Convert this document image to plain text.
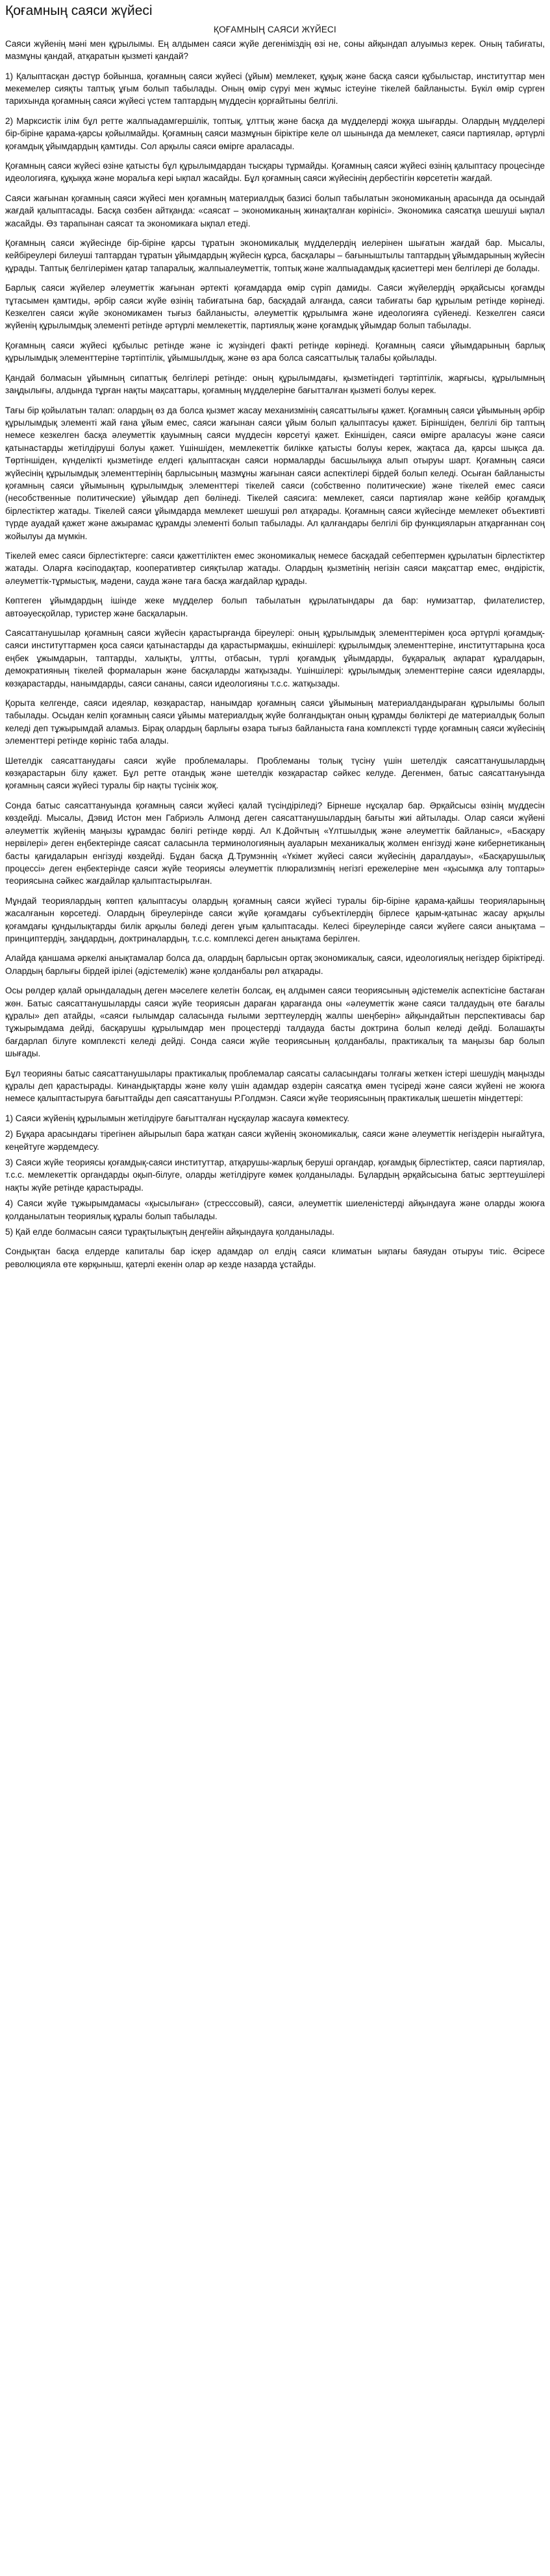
Қоғамның саяси жүйесі
ҚОҒАМНЫҢ САЯСИ ЖҮЙЕСІ

Саяси жүйенің мәні мен құрылымы. Ең алдымен саяси жүйе дегеніміздің өзі не, соны айқындап алуымыз керек. Оның табиғаты, мазмұны қандай, атқаратын қызметі қандай?

1) Қалыптасқан дәстүр бойынша, қоғамның саяси жүйесі (ұйым) мемлекет, құқық және басқа саяси құбылыстар, институттар мен мекемелер сияқты таптық ұғым болып табылады. Оның өмір сүруі мен жұмыс істеуіне тікелей байланысты. Бүкіл өмір сүрген тарихында қоғамның саяси жүйесі үстем таптардың мүддесін қорғайтыны белгілі.

2) Марксистік ілім бұл ретте жалпыадамгершілік, топтық, ұлттық және басқа да мүдделерді жоққа шығарды. Олардың мүдделері бір-біріне қарама-қарсы қойылмайды. Қоғамның саяси мазмұнын біріктіре келе ол шынында да мемлекет, саяси партиялар, әртүрлі қоғамдық ұйымдардың қамтиды. Сол арқылы саяси өмірге араласады.

Қоғамның саяси жүйесі өзіне қатысты бұл құрылымдардан тысқары тұрмайды. Қоғамның саяси жүйесі өзінің қалыптасу процесінде идеологияға, құқыққа және моральға кері ықпал жасайды. Бұл қоғамның саяси жүйесінің дербестігін көрсететін жағдай.

Саяси жағынан қоғамның саяси жүйесі мен қоғамның материалдық базисі болып табылатын экономиканың арасында да осындай жағдай қалыптасады. Басқа сөзбен айтқанда: «саясат – экономиканың жинақталған көрінісі». Экономика саясатқа шешуші ықпал жасайды. Өз тарапынан саясат та экономикаға ықпал етеді.

Қоғамның саяси жүйесінде бір-біріне қарсы тұратын экономикалық мүдделердің иелерінен шығатын жағдай бар. Мысалы, кейбіреулері билеуші таптардан тұратын ұйымдардың жүйесін құрса, басқалары – бағыныштылы таптардың ұйымдарының жүйесін құрады. Таптық белгілерімен қатар тапаралық, жалпыалеуметтік, топтық және жалпыадамдық қасиеттері мен белгілері де болады.

Барлық саяси жүйелер әлеуметтік жағынан әртекті қоғамдарда өмір сүріп дамиды. Саяси жүйелердің әрқайсысы қоғамды тұтасымен қамтиды, әрбір саяси жүйе өзінің табиғатына бар, басқадай алғанда, саяси табиғаты бар құрылым ретінде көрінеді. Кезкелген саяси жүйе экономикамен тығыз байланысты, әлеуметтік құрылымға және идеологияға сүйенеді. Кезкелген саяси жүйенің құрылымдық элементі ретінде әртүрлі мемлекеттік, партиялық және қоғамдық ұйымдар болып табылады.

Қоғамның саяси жүйесі құбылыс ретінде және іс жүзіндегі факті ретінде көрінеді. Қоғамның саяси ұйымдарының барлық құрылымдық элементтеріне тәртіптілік, ұйымшылдық, және өз ара болса саясаттылық талабы қойылады.

Қандай болмасын ұйымның сипаттық белгілері ретінде: оның құрылымдағы, қызметіндегі тәртіптілік, жарғысы, құрылымның заңдылығы, алдында тұрған нақты мақсаттары, қоғамның мүдделеріне бағытталған қызметі болуы керек.

Тағы бір қойылатын талап: олардың өз да болса қызмет жасау механизмінің саясаттылығы қажет. Қоғамның саяси ұйымының әрбір құрылымдық элементі жай ғана ұйым емес, саяси жағынан саяси ұйым болып қалыптасуы қажет. Біріншіден, белгілі бір таптың немесе кезкелген басқа әлеуметтік қауымның саяси мүддесін көрсетуі қажет. Екіншіден, саяси өмірге араласуы және саяси қатынастарды жетілдіруші болуы қажет. Үшіншіден, мемлекеттік билікке қатысты болуы керек, жақтаса да, қарсы шықса да. Төртіншіден, күнделікті қызметінде елдегі қалыптасқан саяси нормаларды басшылыққа алып отыруы шарт. Қоғамның саяси жүйесінің құрылымдық элементтерінің барлысының мазмұны жағынан саяси аспектілері бірдей болып келеді. Осыған байланысты қоғамның саяси ұйымының құрылымдық элементтері тікелей саяси (собственно политические) және тікелей емес саяси (несобственные политические) ұйымдар деп бөлінеді. Тікелей саясига: мемлекет, саяси партиялар және кейбір қоғамдық бірлестіктер жатады. Тікелей саяси ұйымдарда мемлекет шешуші рөл атқарады. Қоғамның саяси жүйесінде мемлекет объективті түрде ауадай қажет және ажырамас құрамды элементі болып табылады. Ал қалғандары белгілі бір функцияларын атқарғаннан соң жойылуы да мүмкін.

Тікелей емес саяси бірлестіктерге: саяси қажеттіліктен емес экономикалық немесе басқадай себептермен құрылатын бірлестіктер жатады. Оларға кәсіподақтар, кооперативтер сияқтылар жатады. Олардың қызметінің негізін саяси мақсаттар емес, өндірістік, әлеуметтік-тұрмыстық, мәдени, сауда және таға басқа жағдайлар құрады.

Көптеген ұйымдардың ішінде жеке мүдделер болып табылатын құрылатындары да бар: нумизаттар, филателистер, автоәуесқойлар, туристер және басқаларын.

Саясаттанушылар қоғамның саяси жүйесін қарастырғанда біреулері: оның құрылымдық элементтерімен қоса әртүрлі қоғамдық-саяси институттармен қоса саяси қатынастарды да қарастырмақшы, екіншілері: құрылымдық элементтеріне, институттарына қоса еңбек ұжымдарын, таптарды, халықты, ұлтты, отбасын, түрлі қоғамдық ұйымдарды, бұқаралық ақпарат құралдарын, демократияның тікелей формаларын және басқаларды жатқызады. Үшіншілері: құрылымдық элементтеріне саяси идеяларды, көзқарастарды, нанымдарды, саяси сананы, саяси идеологияны т.с.с. жатқызады.

Қорыта келгенде, саяси идеялар, көзқарастар, нанымдар қоғамның саяси ұйымының материалдандыраған құрылымы болып табылады. Осыдан келіп қоғамның саяси ұйымы материалдық жүйе болғандықтан оның құрамды бөліктері де материалдық болып келеді деп тұжырымдай аламыз. Бірақ олардың барлығы өзара тығыз байланыста ғана комплексті түрде қоғамның саяси жүйесінің элементтері ретінде көрініс таба алады.

Шетелдік саясаттанудағы саяси жүйе проблемалары. Проблеманы толық түсіну үшін шетелдік саясаттанушылардың көзқарастарын білу қажет. Бұл ретте отандық және шетелдік көзқарастар сәйкес келуде. Дегенмен, батыс саясаттануында қоғамның саяси жүйесі туралы бір нақты түсінік жоқ.

Сонда батыс саясаттануында қоғамның саяси жүйесі қалай түсіндіріледі? Бірнеше нұсқалар бар. Әрқайсысы өзінің мүддесін көздейді. Мысалы, Дэвид Истон мен Габриэль Алмонд деген саясаттанушылардың бағыты жиі айтылады. Олар саяси жүйені әлеуметтік жүйенің маңызы құрамдас бөлігі ретінде көрді. Ал К.Дойчтың «Үлтшылдық және әлеуметтік байланыс», «Басқару нервілері» деген еңбектерінде саясат саласынла терминологияның ауаларын механикалық жолмен енгізуді және кибернетиканың басты қағидаларын енгізуді көздейді. Бұдан басқа Д.Трумэннің «Үкімет жүйесі саяси жүйесінің даралдауы», «Басқарушылық процессі» деген еңбектерінде саяси жүйе теориясы әлеуметтік плюрализмнің негізгі ережелеріне мен «қысымқа алу топтары» теориясына сәйкес жағдайлар қалыптастырылған.

Мұндай теориялардың көптеп қалыптасуы олардың қоғамның саяси жүйесі туралы бір-біріне қарама-қайшы теорияларының жасалғанын көрсетеді. Олардың біреулеріндe саяси жүйе қоғамдағы субъектілердің бірлесе қарым-қатынас жасау арқылы қоғамдағы құндылықтарды билік арқылы бөледі деген ұғым қалыптасады. Келесі біреулерінде саяси жүйеге саяси анықтама – принциптердің, заңдардың, доктриналардың, т.с.с. комплексі деген анықтама берілген.

Алайда қаншама әркелкі анықтамалар болса да, олардың барлысын ортақ экономикалық, саяси, идеологиялық негіздер біріктіреді. Олардың барлығы бірдей ірілеі (әдістемелік) және қолданбалы рөл атқарады.

Осы рөлдер қалай орындаладың деген мәселеге келетін болсақ, ең алдымен саяси теориясының әдістемелік аспектісіне бастаған жөн. Батыс саясаттанушыларды саяси жүйе теориясын дараған қарағанда оны «әлеуметтік және саяси талдаудың өте бағалы құралы» деп атайды, «саяси ғылымдар саласында ғылыми зерттеулердің жалпы шеңберін» айқындайтын перспективасы бар тұжырымдама дейді, басқарушы құрылымдар мен процестерді талдауда басты доктрина болып келеді дейді. Болашақты бағдарлап білуге комплексті келеді дейді. Сонда саяси жүйе теориясының қолданбалы, практикалық та маңызы бар болып шығады.

Бұл теорияны батыс саясаттанушылары практикалық проблемалар саясаты салаcындағы толғағы жеткен істері шешудің маңызды құралы деп қарастырады. Кинандықтарды және көлу үшін адамдар өздерін саясатқа өмен түсіреді және саяси жүйені не жоюға немесе қалыптастыруға бағыттайды деп саясаттанушы Р.Голдмэн. Саяси жүйе теориясының практикалық шешетін міндеттері:

1) Саяси жүйенің құрылымын жетілдіруге бағытталған нұсқаулар жасауға көмектесу.
2) Бұқара арасындағы тірегінен айырылып бара жатқан саяси жүйенің экономикалық, саяси және әлеуметтік негіздерін нығайтуға, кеңейтуге жәрдемдесу.
3) Саяси жүйе теориясы қоғамдық-саяси институттар, атқарушы-жарлық беруші органдар, қоғамдық бірлестіктер, саяси партиялар, т.с.с. мемлекеттік органдарды оқып-білуге, оларды жетілдіруге көмек қолданылады. Бұлардың әрқайсысына батыс зерттеушілері нақты жүйе ретінде қарастырады.
4) Саяси жүйе тұжырымдамасы «қысылыған» (стресссовый), саяси, әлеуметтік шиеленістерді айқындауға және оларды жоюға қолданылатын теориялық құралы болып табылады.
5) Қай елде болмасын саяси тұрақтылықтың деңгейін айқындауға қолданылады.

Сондықтан басқа елдерде капиталы бар ісқер адамдар ол елдің саяси климатын ықпағы баяудан отыруы тиіс. Әсіресе революцияла өте көрқыныш, қатерлі екенін олар әр кезде назарда ұстайды.
